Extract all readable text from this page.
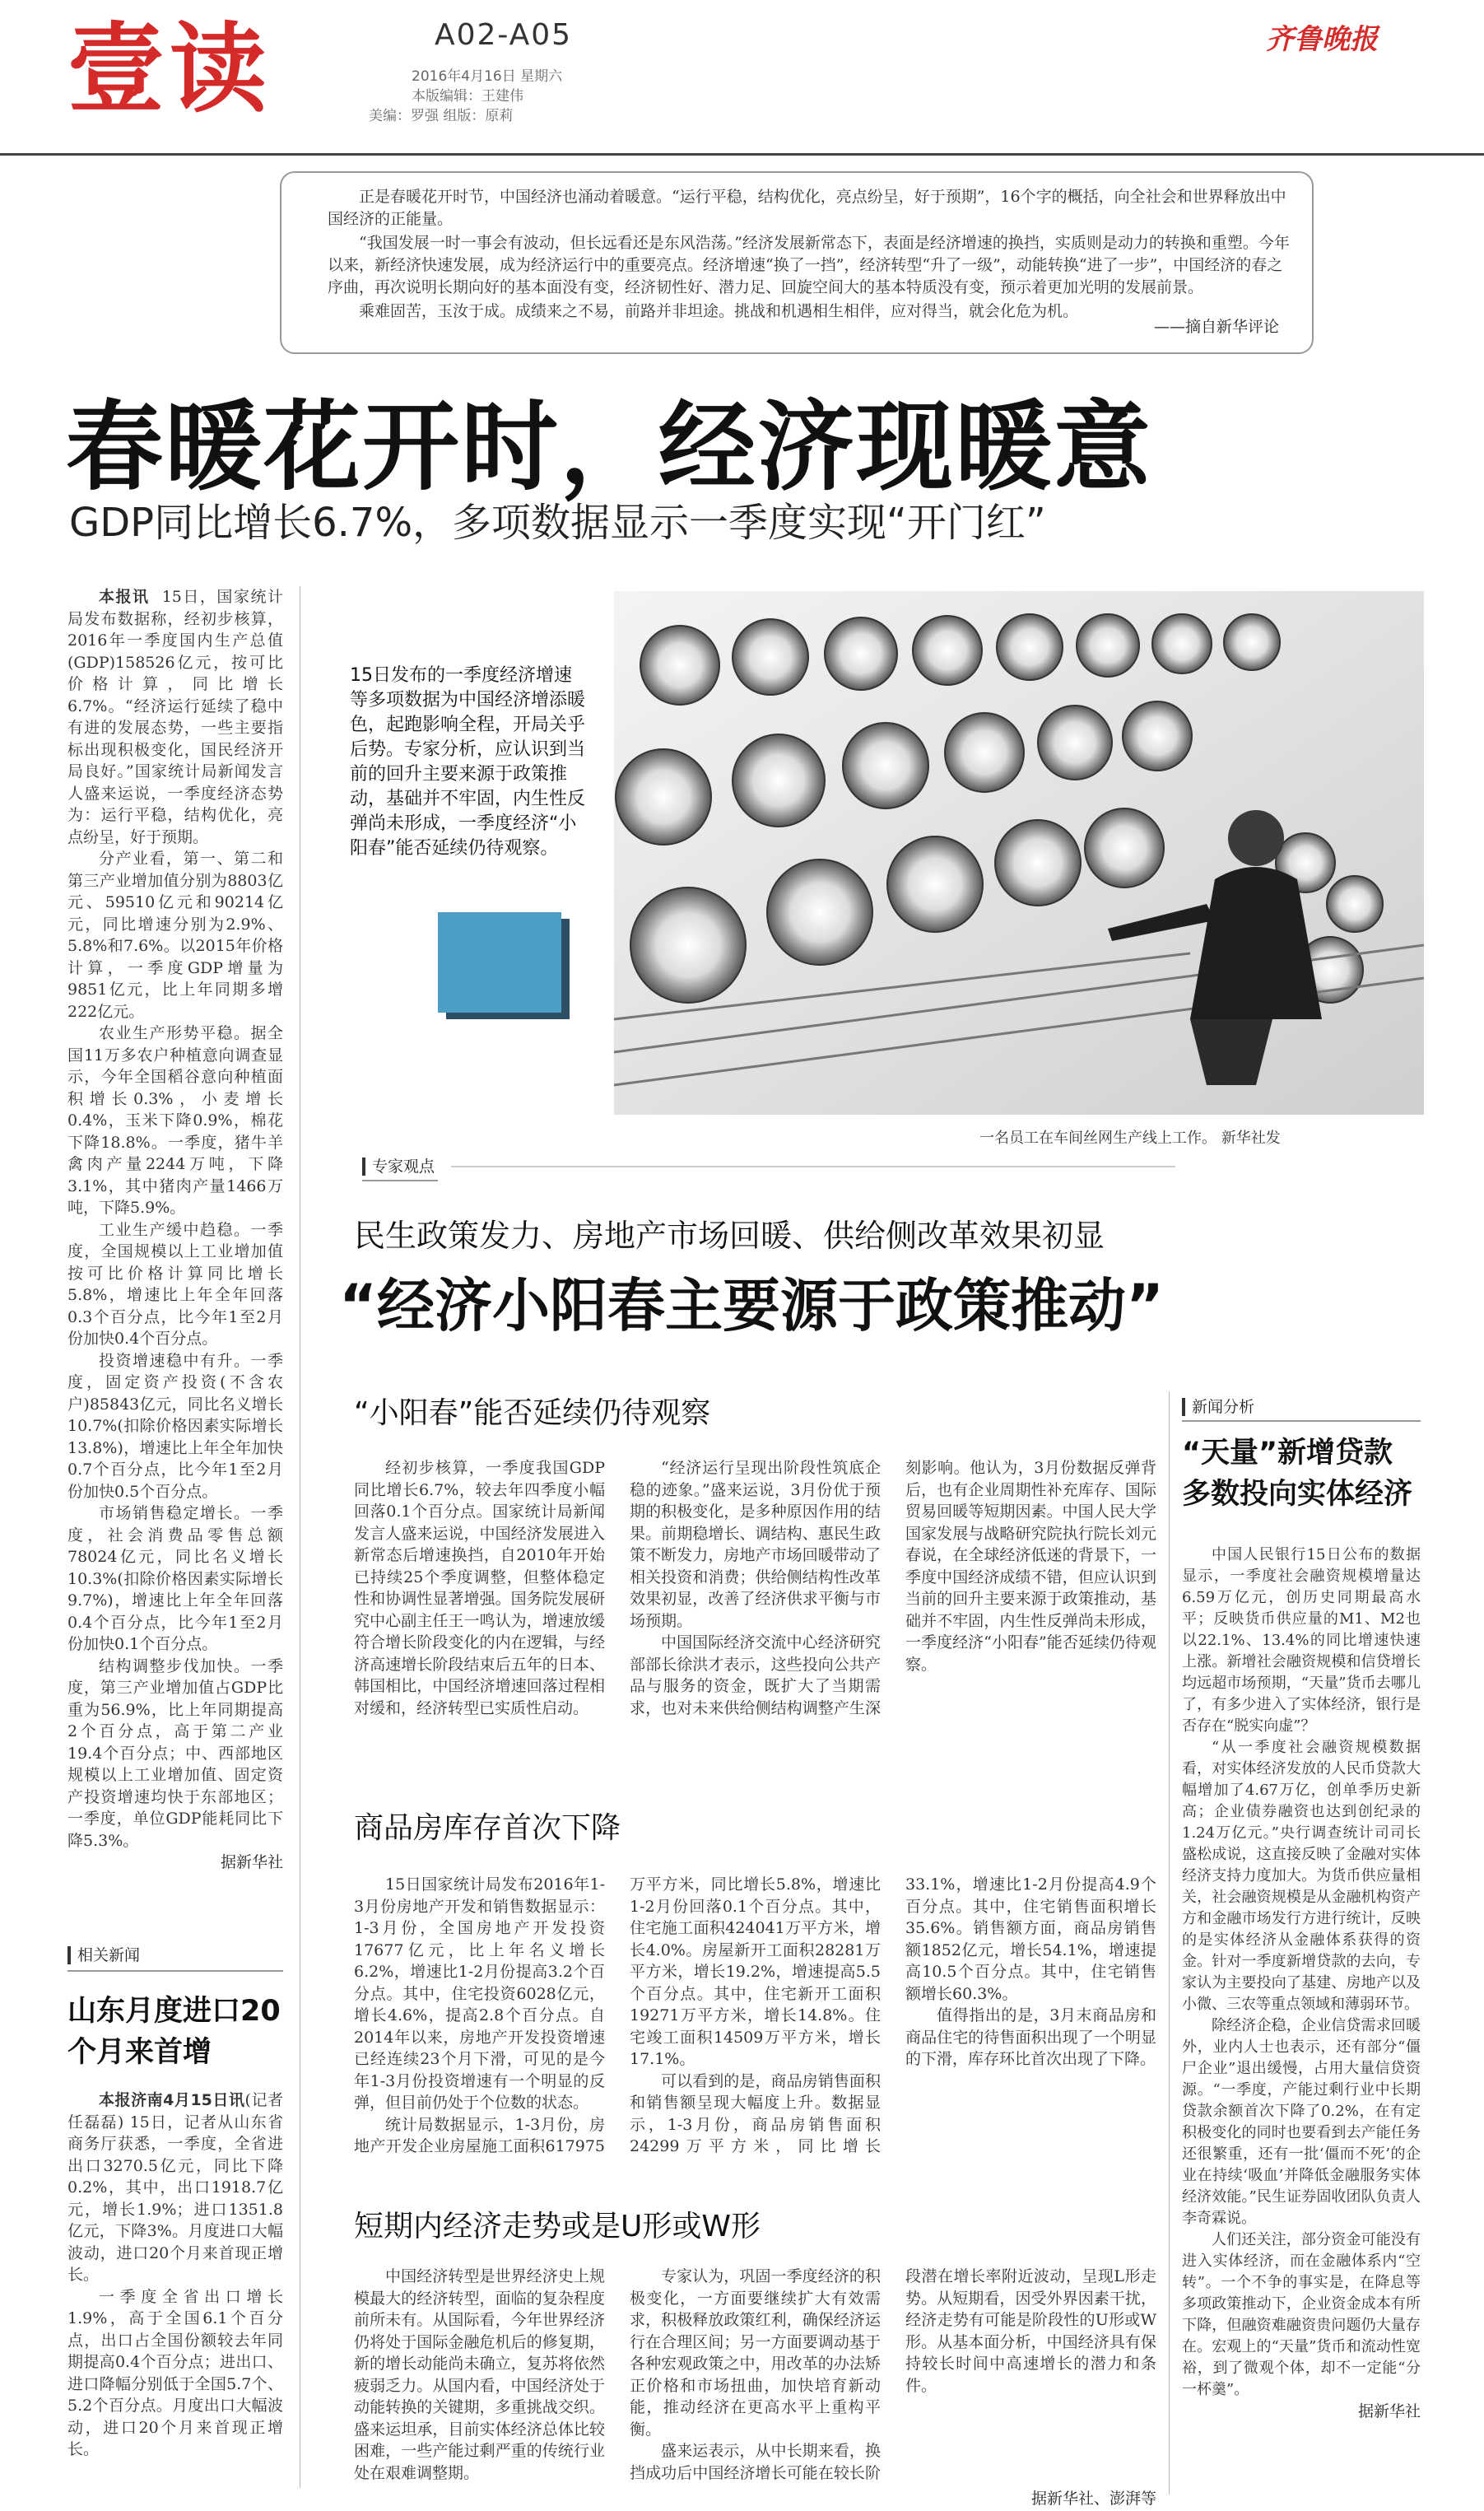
壹读	A02-A05
2016年4月16日 星期六
本版编辑：王建伟
美编：罗强 组版：原莉
齐鲁晚报

正是春暖花开时节，中国经济也涌动着暖意。“运行平稳，结构优化，亮点纷呈，好于预期”，16个字的概括，向全社会和世界释放出中国经济的正能量。

“我国发展一时一事会有波动，但长远看还是东风浩荡。”经济发展新常态下，表面是经济增速的换挡，实质则是动力的转换和重塑。今年以来，新经济快速发展，成为经济运行中的重要亮点。经济增速“换了一挡”，经济转型“升了一级”，动能转换“进了一步”，中国经济的春之序曲，再次说明长期向好的基本面没有变，经济韧性好、潜力足、回旋空间大的基本特质没有变，预示着更加光明的发展前景。

乘难固苦，玉汝于成。成绩来之不易，前路并非坦途。挑战和机遇相生相伴，应对得当，就会化危为机。

——摘自新华评论
春暖花开时，经济现暖意
GDP同比增长6.7%，多项数据显示一季度实现“开门红”

本报讯 15日，国家统计局发布数据称，经初步核算，2016年一季度国内生产总值(GDP)158526亿元，按可比价格计算，同比增长6.7%。“经济运行延续了稳中有进的发展态势，一些主要指标出现积极变化，国民经济开局良好。”国家统计局新闻发言人盛来运说，一季度经济态势为：运行平稳，结构优化，亮点纷呈，好于预期。

分产业看，第一、第二和第三产业增加值分别为8803亿元、59510亿元和90214亿元，同比增速分别为2.9%、5.8%和7.6%。以2015年价格计算，一季度GDP增量为9851亿元，比上年同期多增222亿元。

农业生产形势平稳。据全国11万多农户种植意向调查显示，今年全国稻谷意向种植面积增长0.3%，小麦增长0.4%，玉米下降0.9%，棉花下降18.8%。一季度，猪牛羊禽肉产量2244万吨，下降3.1%，其中猪肉产量1466万吨，下降5.9%。

工业生产缓中趋稳。一季度，全国规模以上工业增加值按可比价格计算同比增长5.8%，增速比上年全年回落0.3个百分点，比今年1至2月份加快0.4个百分点。

投资增速稳中有升。一季度，固定资产投资(不含农户)85843亿元，同比名义增长10.7%(扣除价格因素实际增长13.8%)，增速比上年全年加快0.7个百分点，比今年1至2月份加快0.5个百分点。

市场销售稳定增长。一季度，社会消费品零售总额78024亿元，同比名义增长10.3%(扣除价格因素实际增长9.7%)，增速比上年全年回落0.4个百分点，比今年1至2月份加快0.1个百分点。

结构调整步伐加快。一季度，第三产业增加值占GDP比重为56.9%，比上年同期提高2个百分点，高于第二产业19.4个百分点；中、西部地区规模以上工业增加值、固定资产投资增速均快于东部地区；一季度，单位GDP能耗同比下降5.3%。

据新华社
相关新闻
山东月度进口20个月来首增

本报济南4月15日讯(记者 任磊磊) 15日，记者从山东省商务厅获悉，一季度，全省进出口3270.5亿元，同比下降0.2%，其中，出口1918.7亿元，增长1.9%；进口1351.8亿元，下降3%。月度进口大幅波动，进口20个月来首现正增长。

一季度全省出口增长1.9%，高于全国6.1个百分点，出口占全国份额较去年同期提高0.4个百分点；进出口、进口降幅分别低于全国5.7个、5.2个百分点。月度出口大幅波动，进口20个月来首现正增长。

一名员工在车间丝网生产线上工作。 新华社发
15日发布的一季度经济增速等多项数据为中国经济增添暖色，起跑影响全程，开局关乎后势。专家分析，应认识到当前的回升主要来源于政策推动，基础并不牢固，内生性反弹尚未形成，一季度经济“小阳春”能否延续仍待观察。
专家观点
民生政策发力、房地产市场回暖、供给侧改革效果初显
“经济小阳春主要源于政策推动”
“小阳春”能否延续仍待观察

经初步核算，一季度我国GDP同比增长6.7%，较去年四季度小幅回落0.1个百分点。国家统计局新闻发言人盛来运说，中国经济发展进入新常态后增速换挡，自2010年开始已持续25个季度调整，但整体稳定性和协调性显著增强。国务院发展研究中心副主任王一鸣认为，增速放缓符合增长阶段变化的内在逻辑，与经济高速增长阶段结束后五年的日本、韩国相比，中国经济增速回落过程相对缓和，经济转型已实质性启动。

“经济运行呈现出阶段性筑底企稳的迹象。”盛来运说，3月份优于预期的积极变化，是多种原因作用的结果。前期稳增长、调结构、惠民生政策不断发力，房地产市场回暖带动了相关投资和消费；供给侧结构性改革效果初显，改善了经济供求平衡与市场预期。

中国国际经济交流中心经济研究部部长徐洪才表示，这些投向公共产品与服务的资金，既扩大了当期需求，也对未来供给侧结构调整产生深刻影响。他认为，3月份数据反弹背后，也有企业周期性补充库存、国际贸易回暖等短期因素。中国人民大学国家发展与战略研究院执行院长刘元春说，在全球经济低迷的背景下，一季度中国经济成绩不错，但应认识到当前的回升主要来源于政策推动，基础并不牢固，内生性反弹尚未形成，一季度经济“小阳春”能否延续仍待观察。

商品房库存首次下降

15日国家统计局发布2016年1-3月份房地产开发和销售数据显示：1-3月份，全国房地产开发投资17677亿元，比上年名义增长6.2%，增速比1-2月份提高3.2个百分点。其中，住宅投资6028亿元，增长4.6%，提高2.8个百分点。自2014年以来，房地产开发投资增速已经连续23个月下滑，可见的是今年1-3月份投资增速有一个明显的反弹，但目前仍处于个位数的状态。

统计局数据显示，1-3月份，房地产开发企业房屋施工面积617975万平方米，同比增长5.8%，增速比1-2月份回落0.1个百分点。其中，住宅施工面积424041万平方米，增长4.0%。房屋新开工面积28281万平方米，增长19.2%，增速提高5.5个百分点。其中，住宅新开工面积19271万平方米，增长14.8%。住宅竣工面积14509万平方米，增长17.1%。

可以看到的是，商品房销售面积和销售额呈现大幅度上升。数据显示，1-3月份，商品房销售面积24299万平方米，同比增长33.1%，增速比1-2月份提高4.9个百分点。其中，住宅销售面积增长35.6%。销售额方面，商品房销售额1852亿元，增长54.1%，增速提高10.5个百分点。其中，住宅销售额增长60.3%。

值得指出的是，3月末商品房和商品住宅的待售面积出现了一个明显的下滑，库存环比首次出现了下降。

短期内经济走势或是U形或W形

中国经济转型是世界经济史上规模最大的经济转型，面临的复杂程度前所未有。从国际看，今年世界经济仍将处于国际金融危机后的修复期，新的增长动能尚未确立，复苏将依然疲弱乏力。从国内看，中国经济处于动能转换的关键期，多重挑战交织。盛来运坦承，目前实体经济总体比较困难，一些产能过剩严重的传统行业处在艰难调整期。

专家认为，巩固一季度经济的积极变化，一方面要继续扩大有效需求，积极释放政策红利，确保经济运行在合理区间；另一方面要调动基于各种宏观政策之中，用改革的办法矫正价格和市场扭曲，加快培育新动能，推动经济在更高水平上重构平衡。

盛来运表示，从中长期来看，换挡成功后中国经济增长可能在较长阶段潜在增长率附近波动，呈现L形走势。从短期看，因受外界因素干扰，经济走势有可能是阶段性的U形或W形。从基本面分析，中国经济具有保持较长时间中高速增长的潜力和条件。

据新华社、澎湃等
新闻分析
“天量”新增贷款多数投向实体经济

中国人民银行15日公布的数据显示，一季度社会融资规模增量达6.59万亿元，创历史同期最高水平；反映货币供应量的M1、M2也以22.1%、13.4%的同比增速快速上涨。新增社会融资规模和信贷增长均远超市场预期，“天量”货币去哪儿了，有多少进入了实体经济，银行是否存在“脱实向虚”？

“从一季度社会融资规模数据看，对实体经济发放的人民币贷款大幅增加了4.67万亿，创单季历史新高；企业债券融资也达到创纪录的1.24万亿元。”央行调查统计司司长盛松成说，这直接反映了金融对实体经济支持力度加大。为货币供应量相关，社会融资规模是从金融机构资产方和金融市场发行方进行统计，反映的是实体经济从金融体系获得的资金。针对一季度新增贷款的去向，专家认为主要投向了基建、房地产以及小微、三农等重点领域和薄弱环节。

除经济企稳，企业信贷需求回暖外，业内人士也表示，还有部分“僵尸企业”退出缓慢，占用大量信贷资源。“一季度，产能过剩行业中长期贷款余额首次下降了0.2%，在有定积极变化的同时也要看到去产能任务还很繁重，还有一批‘僵而不死’的企业在持续‘吸血’并降低金融服务实体经济效能。”民生证券固收团队负责人李奇霖说。

人们还关注，部分资金可能没有进入实体经济，而在金融体系内“空转”。一个不争的事实是，在降息等多项政策推动下，企业资金成本有所下降，但融资难融资贵问题仍大量存在。宏观上的“天量”货币和流动性宽裕，到了微观个体，却不一定能“分一杯羹”。

据新华社
